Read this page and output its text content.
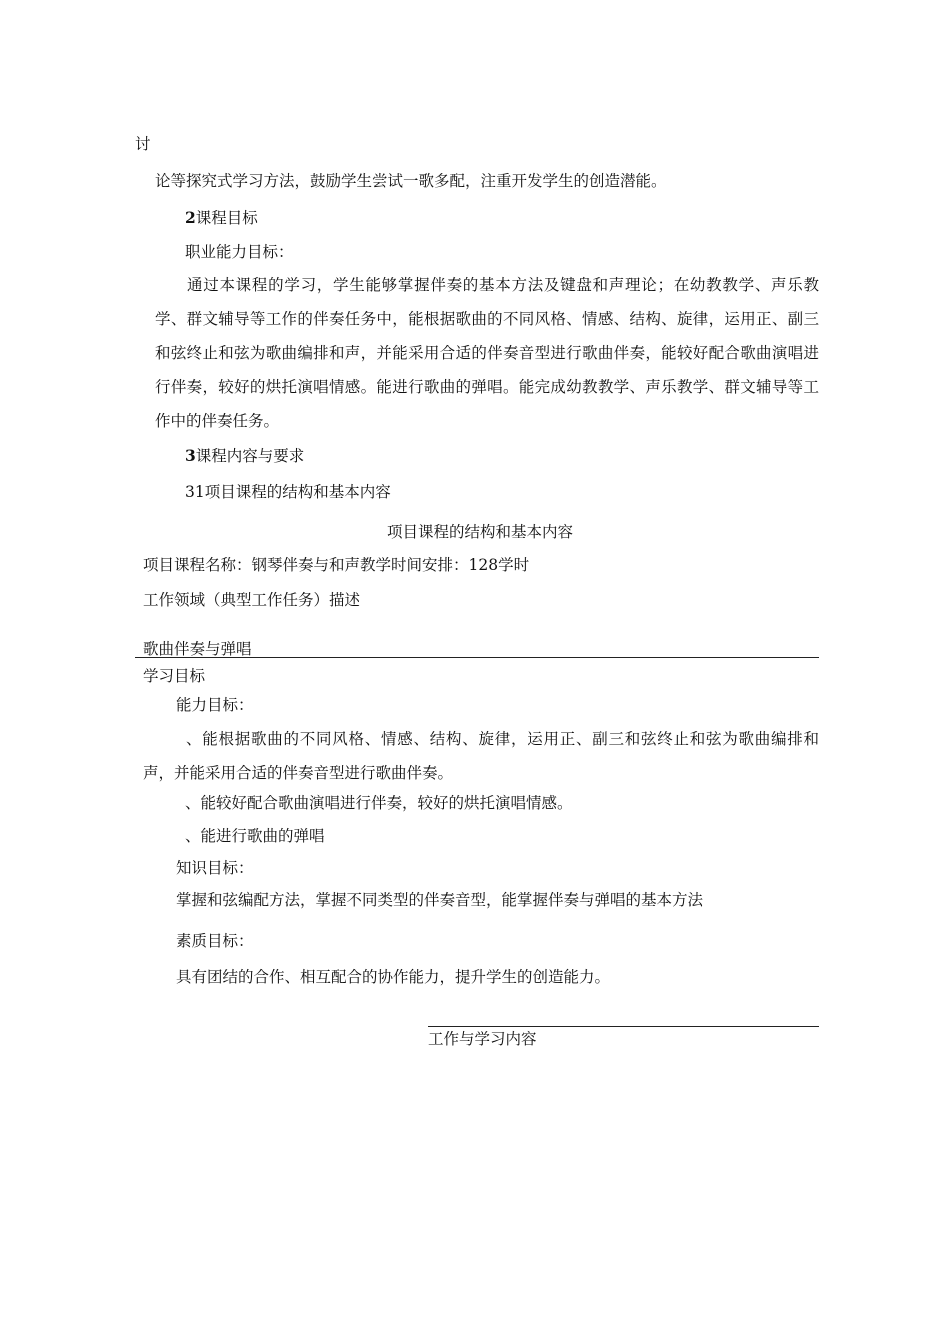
讨
论等探究式学习方法，鼓励学生尝试一歌多配，注重开发学生的创造潜能。
2课程目标
职业能力目标：
通过本课程的学习，学生能够掌握伴奏的基本方法及键盘和声理论；在幼教教学、声乐教学、群文辅导等工作的伴奏任务中，能根据歌曲的不同风格、情感、结构、旋律，运用正、副三和弦终止和弦为歌曲编排和声，并能采用合适的伴奏音型进行歌曲伴奏，能较好配合歌曲演唱进行伴奏，较好的烘托演唱情感。能进行歌曲的弹唱。能完成幼教教学、声乐教学、群文辅导等工作中的伴奏任务。
3课程内容与要求
31项目课程的结构和基本内容
项目课程的结构和基本内容
项目课程名称：钢琴伴奏与和声教学时间安排：128学时
工作领域（典型工作任务）描述
歌曲伴奏与弹唱
学习目标
能力目标：
、能根据歌曲的不同风格、情感、结构、旋律，运用正、副三和弦终止和弦为歌曲编排和声，并能采用合适的伴奏音型进行歌曲伴奏。
、能较好配合歌曲演唱进行伴奏，较好的烘托演唱情感。
、能进行歌曲的弹唱
知识目标：
掌握和弦编配方法，掌握不同类型的伴奏音型，能掌握伴奏与弹唱的基本方法
素质目标：
具有团结的合作、相互配合的协作能力，提升学生的创造能力。
工作与学习内容
